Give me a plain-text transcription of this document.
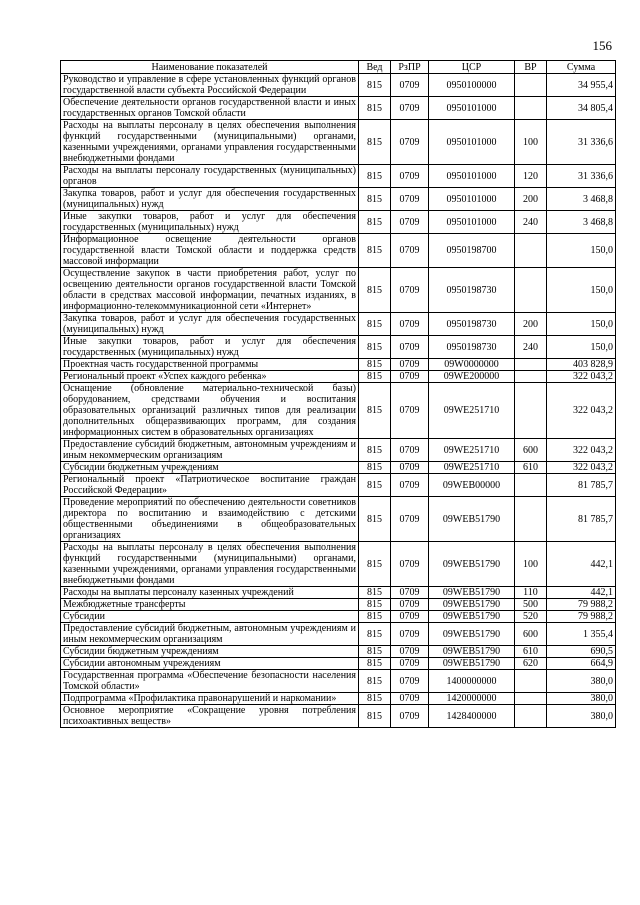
156
Наименование показателей	Вед	РзПР	ЦСР	ВР	Сумма
Руководство и управление в сфере установленных функций органов государственной власти субъекта Российской Федерации	815	0709	0950100000		34 955,4
Обеспечение деятельности органов государственной власти и иных государственных органов Томской области	815	0709	0950101000		34 805,4
Расходы на выплаты персоналу в целях обеспечения выполнения функций государственными (муниципальными) органами, казенными учреждениями, органами управления государственными внебюджетными фондами	815	0709	0950101000	100	31 336,6
Расходы на выплаты персоналу государственных (муниципальных) органов	815	0709	0950101000	120	31 336,6
Закупка товаров, работ и услуг для обеспечения государственных (муниципальных) нужд	815	0709	0950101000	200	3 468,8
Иные закупки товаров, работ и услуг для обеспечения государственных (муниципальных) нужд	815	0709	0950101000	240	3 468,8
Информационное освещение деятельности органов государственной власти Томской области и поддержка средств массовой информации	815	0709	0950198700		150,0
Осуществление закупок в части приобретения работ, услуг по освещению деятельности органов государственной власти Томской области в средствах массовой информации, печатных изданиях, в информационно-телекоммуникационной сети «Интернет»	815	0709	0950198730		150,0
Закупка товаров, работ и услуг для обеспечения государственных (муниципальных) нужд	815	0709	0950198730	200	150,0
Иные закупки товаров, работ и услуг для обеспечения государственных (муниципальных) нужд	815	0709	0950198730	240	150,0
Проектная часть государственной программы	815	0709	09W0000000		403 828,9
Региональный проект «Успех каждого ребенка»	815	0709	09WE200000		322 043,2
Оснащение (обновление материально-технической базы) оборудованием, средствами обучения и воспитания образовательных организаций различных типов для реализации дополнительных общеразвивающих программ, для создания информационных систем в образовательных организациях	815	0709	09WE251710		322 043,2
Предоставление субсидий бюджетным, автономным учреждениям и иным некоммерческим организациям	815	0709	09WE251710	600	322 043,2
Субсидии бюджетным учреждениям	815	0709	09WE251710	610	322 043,2
Региональный проект «Патриотическое воспитание граждан Российской Федерации»	815	0709	09WEB00000		81 785,7
Проведение мероприятий по обеспечению деятельности советников директора по воспитанию и взаимодействию с детскими общественными объединениями в общеобразовательных организациях	815	0709	09WEB51790		81 785,7
Расходы на выплаты персоналу в целях обеспечения выполнения функций государственными (муниципальными) органами, казенными учреждениями, органами управления государственными внебюджетными фондами	815	0709	09WEB51790	100	442,1
Расходы на выплаты персоналу казенных учреждений	815	0709	09WEB51790	110	442,1
Межбюджетные трансферты	815	0709	09WEB51790	500	79 988,2
Субсидии	815	0709	09WEB51790	520	79 988,2
Предоставление субсидий бюджетным, автономным учреждениям и иным некоммерческим организациям	815	0709	09WEB51790	600	1 355,4
Субсидии бюджетным учреждениям	815	0709	09WEB51790	610	690,5
Субсидии автономным учреждениям	815	0709	09WEB51790	620	664,9
Государственная программа «Обеспечение безопасности населения Томской области»	815	0709	1400000000		380,0
Подпрограмма «Профилактика правонарушений и наркомании»	815	0709	1420000000		380,0
Основное мероприятие «Сокращение уровня потребления психоактивных веществ»	815	0709	1428400000		380,0
